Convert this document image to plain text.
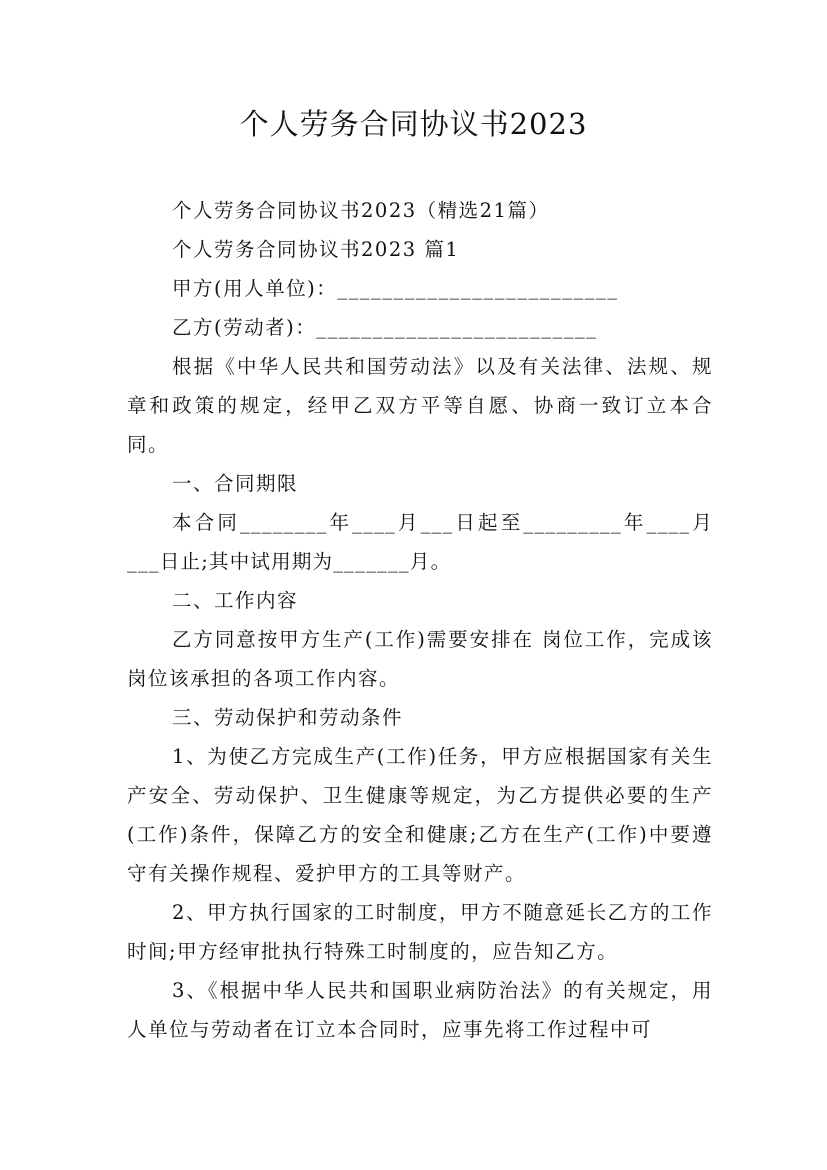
个人劳务合同协议书2023

个人劳务合同协议书2023（精选21篇）

个人劳务合同协议书2023 篇1

甲方(用人单位)：_________________________

乙方(劳动者)：_________________________

根据《中华人民共和国劳动法》以及有关法律、法规、规章和政策的规定，经甲乙双方平等自愿、协商一致订立本合同。

一、合同期限

本合同________年____月___日起至_________年____月___日止;其中试用期为_______月。

二、工作内容

乙方同意按甲方生产(工作)需要安排在 岗位工作，完成该岗位该承担的各项工作内容。

三、劳动保护和劳动条件

1、为使乙方完成生产(工作)任务，甲方应根据国家有关生产安全、劳动保护、卫生健康等规定，为乙方提供必要的生产(工作)条件，保障乙方的安全和健康;乙方在生产(工作)中要遵守有关操作规程、爱护甲方的工具等财产。

2、甲方执行国家的工时制度，甲方不随意延长乙方的工作时间;甲方经审批执行特殊工时制度的，应告知乙方。

3、《根据中华人民共和国职业病防治法》的有关规定，用人单位与劳动者在订立本合同时，应事先将工作过程中可
